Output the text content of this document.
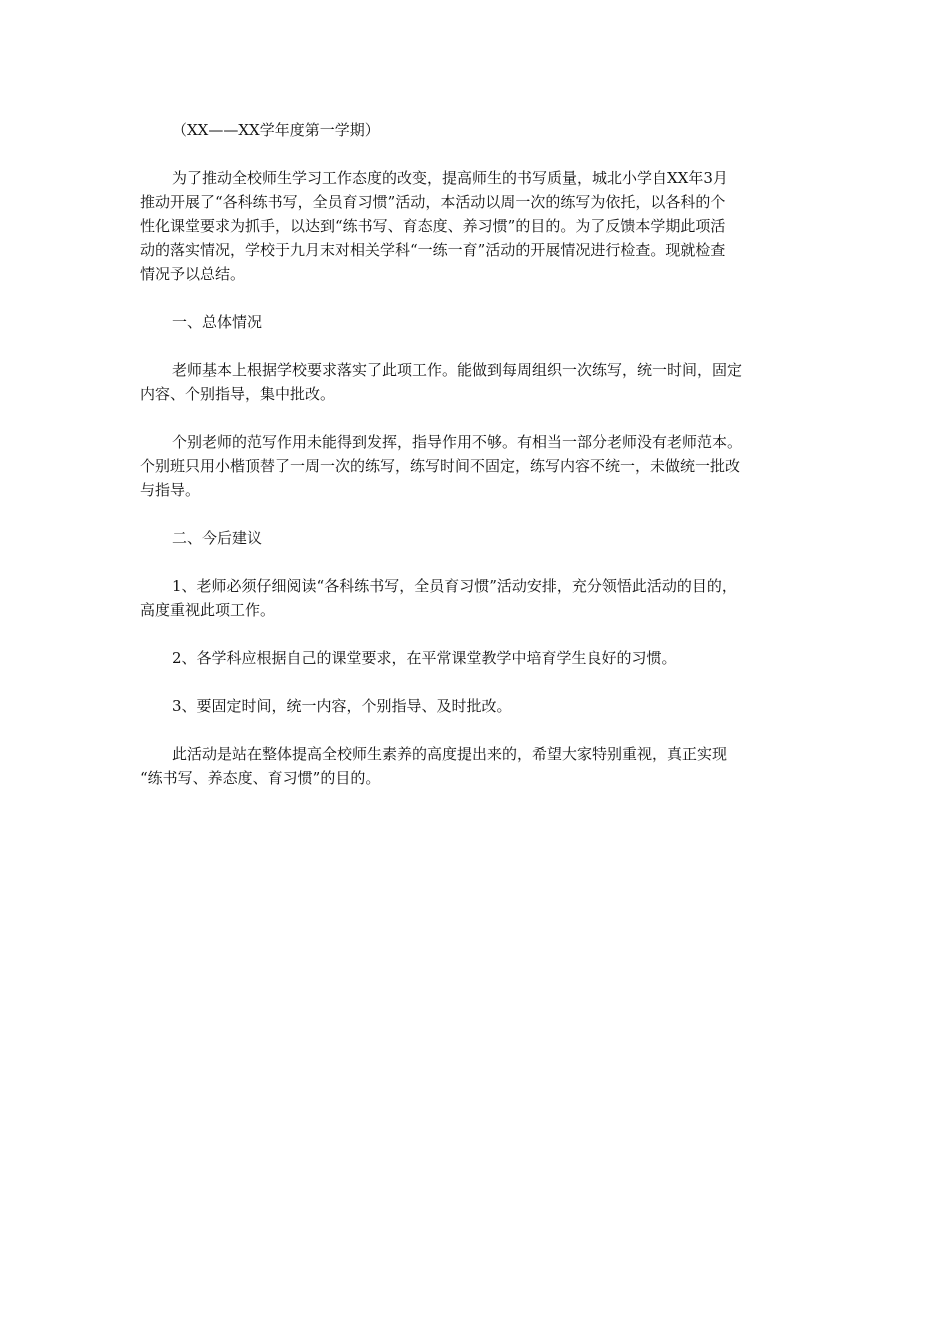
（XX——XX学年度第一学期）

为了推动全校师生学习工作态度的改变，提高师生的书写质量，城北小学自XX年3月
推动开展了“各科练书写，全员育习惯”活动，本活动以周一次的练写为依托，以各科的个
性化课堂要求为抓手，以达到“练书写、育态度、养习惯”的目的。为了反馈本学期此项活
动的落实情况，学校于九月末对相关学科“一练一育”活动的开展情况进行检查。现就检查
情况予以总结。

一、总体情况

老师基本上根据学校要求落实了此项工作。能做到每周组织一次练写，统一时间，固定
内容、个别指导，集中批改。

个别老师的范写作用未能得到发挥，指导作用不够。有相当一部分老师没有老师范本。
个别班只用小楷顶替了一周一次的练写，练写时间不固定，练写内容不统一，未做统一批改
与指导。

二、今后建议

1、老师必须仔细阅读“各科练书写，全员育习惯”活动安排，充分领悟此活动的目的，
高度重视此项工作。

2、各学科应根据自己的课堂要求，在平常课堂教学中培育学生良好的习惯。

3、要固定时间，统一内容，个别指导、及时批改。

此活动是站在整体提高全校师生素养的高度提出来的，希望大家特别重视，真正实现
“练书写、养态度、育习惯”的目的。
